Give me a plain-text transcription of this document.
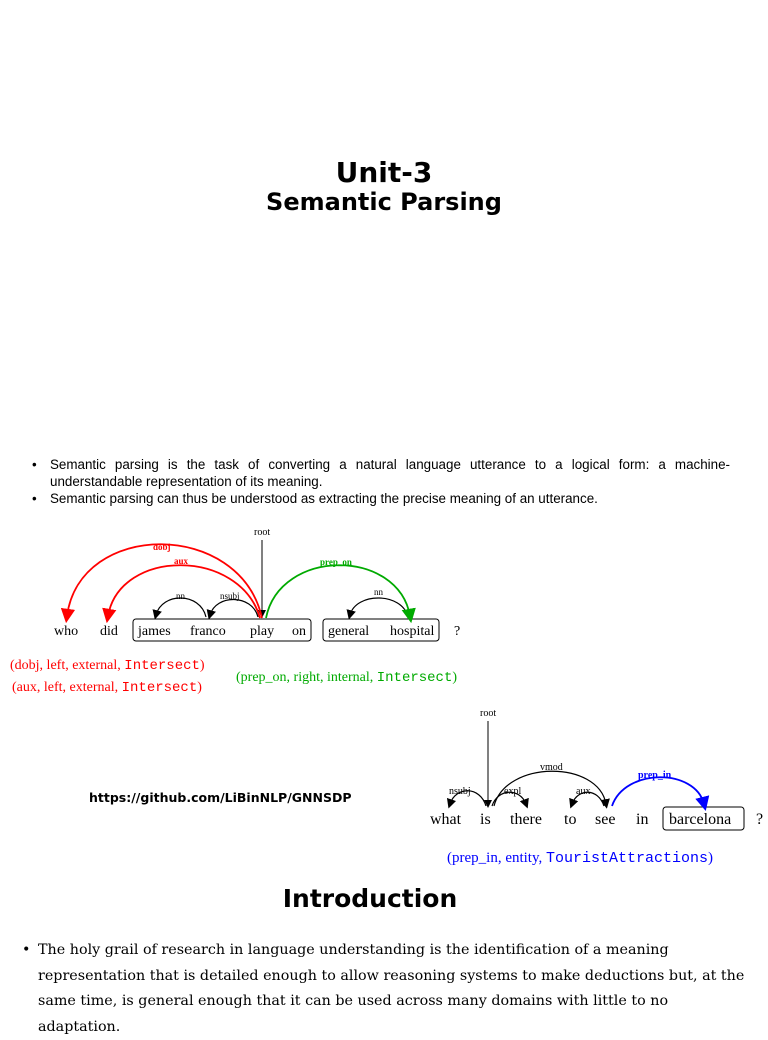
Unit-3
Semantic Parsing
• Semantic parsing is the task of converting a natural language utterance to a logical form: a machine-understandable representation of its meaning.
• Semantic parsing can thus be understood as extracting the precise meaning of an utterance.
who did james franco play on general hospital ?
root
dobj
aux
nn	nsubj	nn
prep_on
(dobj, left, external, Intersect)
(aux, left, external, Intersect)
(prep_on, right, internal, Intersect)
root
what is there to see in barcelona ?
nsubj	expl
vmod
aux
prep_in
(prep_in, entity, TouristAttractions)
https://github.com/LiBinNLP/GNNSDP
Introduction
• The holy grail of research in language understanding is the identification of a meaning representation that is detailed enough to allow reasoning systems to make deductions but, at the same time, is general enough that it can be used across many domains with little to no adaptation.
